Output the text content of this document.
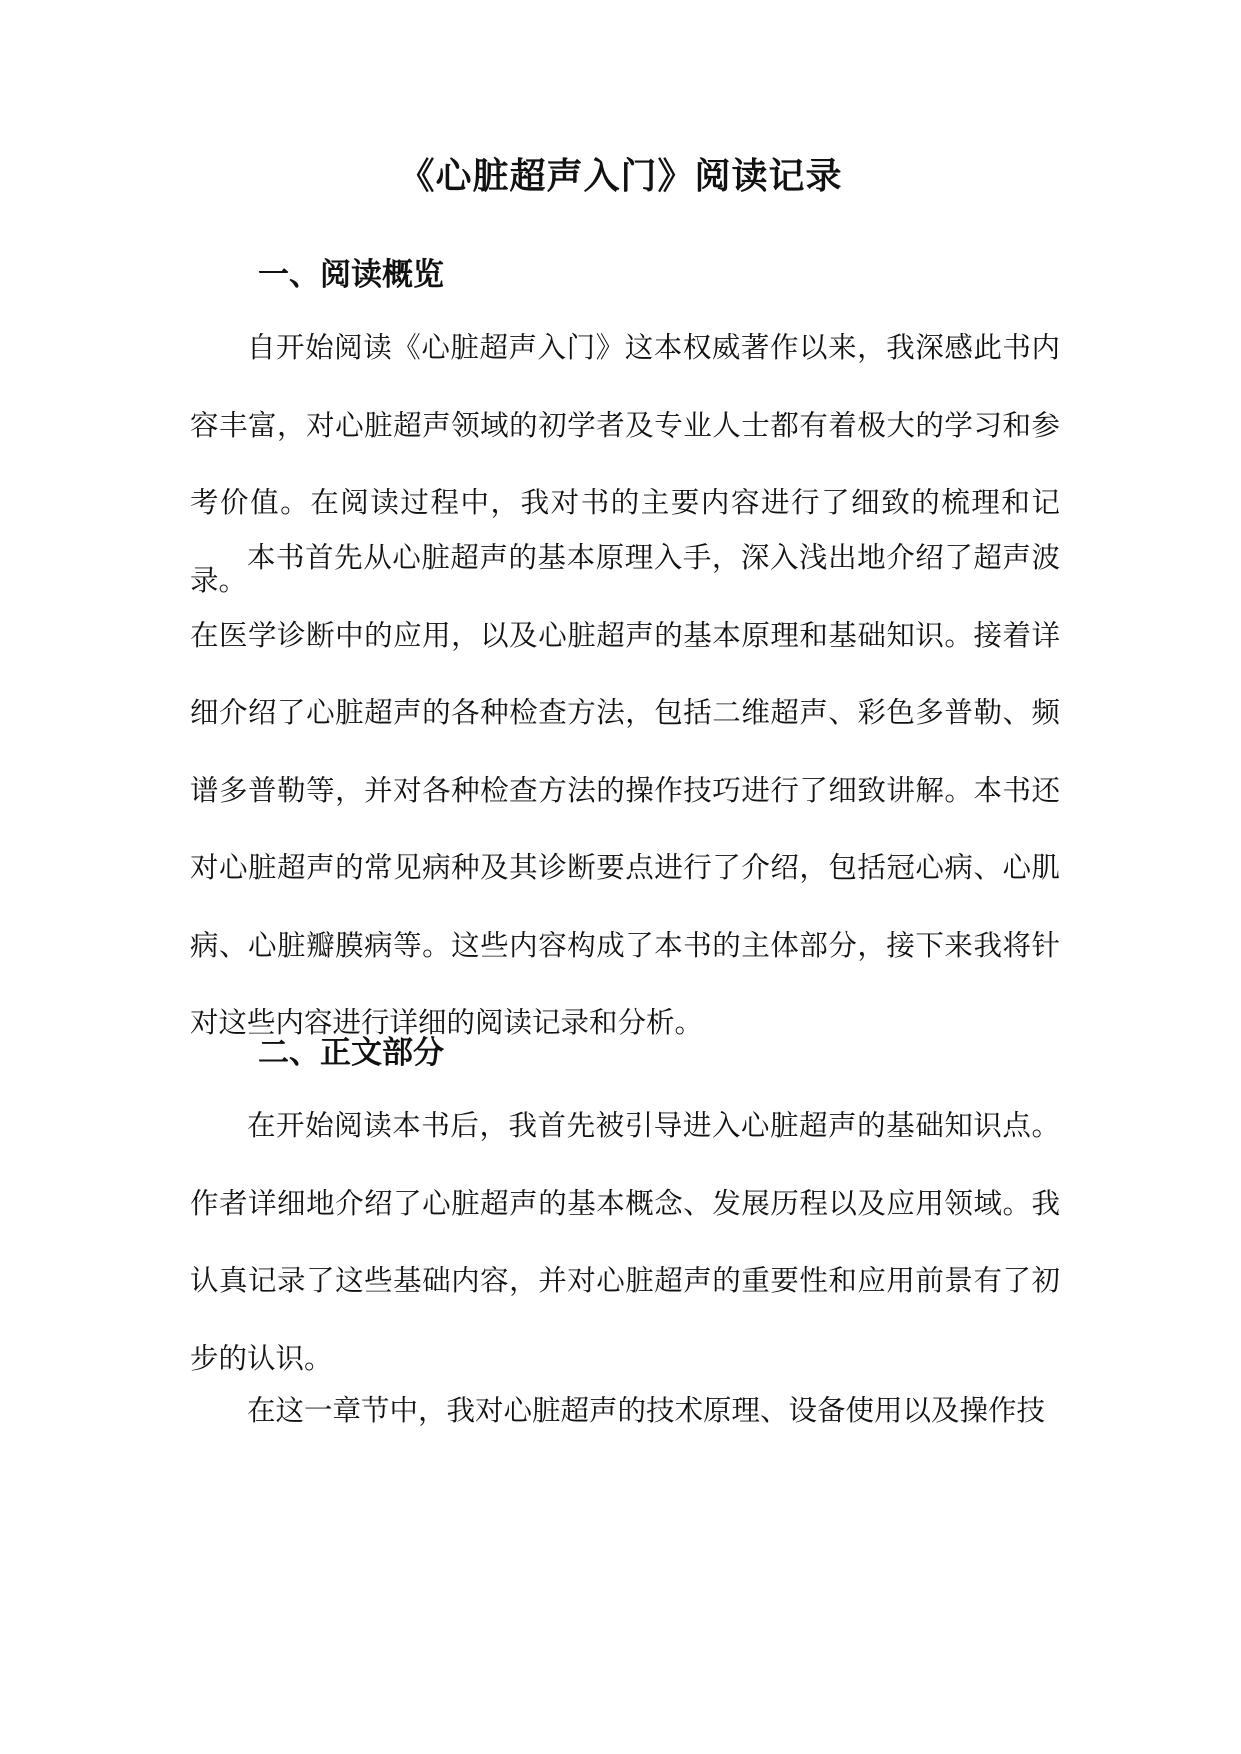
《心脏超声入门》阅读记录
一、阅读概览

自开始阅读《心脏超声入门》这本权威著作以来，我深感此书内容丰富，对心脏超声领域的初学者及专业人士都有着极大的学习和参考价值。在阅读过程中，我对书的主要内容进行了细致的梳理和记录。

本书首先从心脏超声的基本原理入手，深入浅出地介绍了超声波在医学诊断中的应用，以及心脏超声的基本原理和基础知识。接着详细介绍了心脏超声的各种检查方法，包括二维超声、彩色多普勒、频谱多普勒等，并对各种检查方法的操作技巧进行了细致讲解。本书还对心脏超声的常见病种及其诊断要点进行了介绍，包括冠心病、心肌病、心脏瓣膜病等。这些内容构成了本书的主体部分，接下来我将针对这些内容进行详细的阅读记录和分析。

二、正文部分

在开始阅读本书后，我首先被引导进入心脏超声的基础知识点。作者详细地介绍了心脏超声的基本概念、发展历程以及应用领域。我认真记录了这些基础内容，并对心脏超声的重要性和应用前景有了初步的认识。

在这一章节中，我对心脏超声的技术原理、设备使用以及操作技
